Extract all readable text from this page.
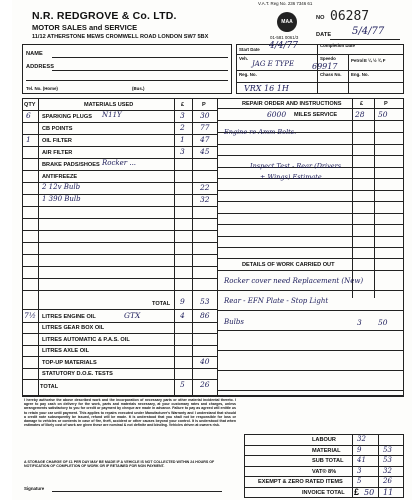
V.A.T. Reg No. 236 7346 61
N.R. REDGROVE & Co. LTD.
MOTOR SALES and SERVICE
11/12 ATHERSTONE MEWS CROMWELL ROAD LONDON SW7 5BX
MAA
01-581 0061/3
NO 06287
DATE 5/4/77
NAME
ADDRESS
Tel. No. (Home)	(Bus.)
Start Date 4/4/77	Completion Date
Veh.
JAG E TYPE
Speedo
69917
Petrol E ¼ ½ ¾ F
Reg. No.
VRX 16 1H
Chass No. Eng. No.
QTY	MATERIALS USED	£	P	REPAIR ORDER AND INSTRUCTIONS	£	P
6 SPARKING PLUGS N11Y	3 30
CB POINTS	2 77
1 OIL FILTER	1 47
AIR FILTER	3 45
BRAKE PADS/SHOES Rocker ...
ANTIFREEZE
2 12v Bulb	22
1 390 Bulb	32
TOTAL 9 53
7½ LITRES ENGINE OIL	GTX	4 86
LITRES GEAR BOX OIL
LITRES AUTOMATIC & P.A.S. OIL
LITRES AXLE OIL
TOP-UP MATERIALS	40
STATUTORY D.O.E. TESTS
TOTAL	5 26
6000 MILES SERVICE 28 50
Engine re Amm Bolts.
Inspect Test - Rear (Drivers
+ Wings) Estimate
DETAILS OF WORK CARRIED OUT
Rocker cover need Replacement (New)
Rear - EFN Plate - Stop Light
Bulbs	3 50
I hereby authorise the above described work and the incorporation of necessary parts or other material incidental thereto. I agree to pay cash on delivery for the work, parts and materials necessary, at your customary rates and charges, unless arrangements satisfactory to you for credit or payment by cheque are made in advance. Failure to pay as agreed will entitle us to retain your car until payment. This applies to repairs executed under Manufacturer's Warranty and I understand that should a credit note subsequently be issued, refund will be made. It is understood that you shall not be responsible for loss or damage to vehicles or contents in case of fire, theft, accident or other causes beyond your control. It is understood that when estimates of likely cost of work are given these are nominal & not definite and binding. Vehicles driven at owners risk.
A STORAGE CHARGE OF £1 PER DAY MAY BE MADE IF A VEHICLE IS NOT COLLECTED WITHIN 24 HOURS OF NOTIFICATION OF COMPLETION OF WORK OR IF RETAINED FOR NON PAYMENT.
Signature
LABOUR	32
MATERIAL 9	53
SUB TOTAL 41 53
VAT® 8%	3	32
EXEMPT & ZERO RATED ITEMS 5	26
INVOICE TOTAL £ 50 11
